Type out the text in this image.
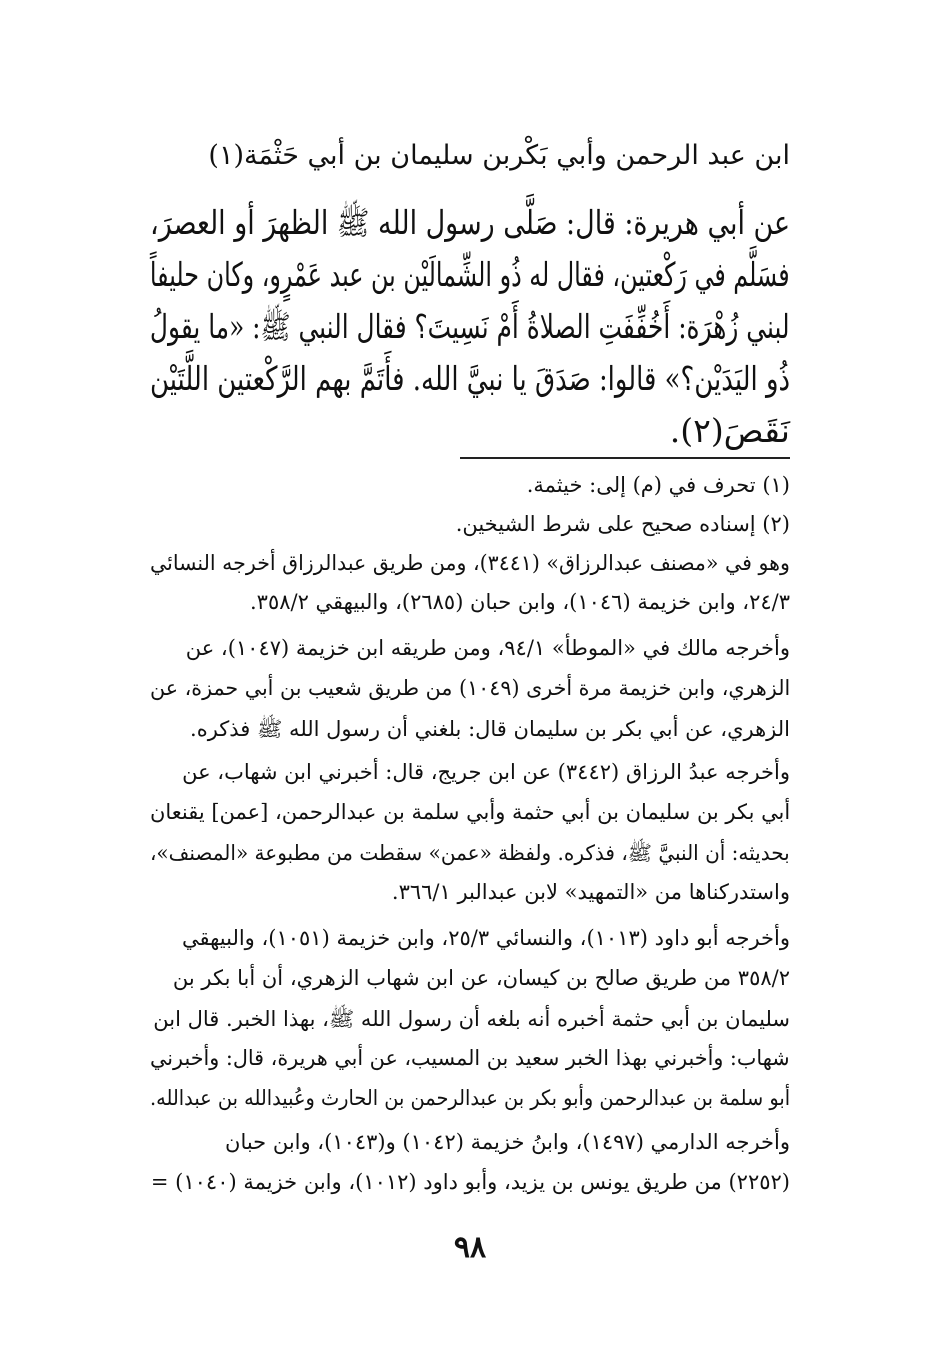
ابن عبد الرحمن وأبي بَكْربن سليمان بن أبي حَثْمَة(١)
عن أبي هريرة: قال: صَلَّى رسول الله ﷺ الظهرَ أو العصرَ،
فسَلَّم في رَكْعتين، فقال له ذُو الشِّمالَيْن بن عبد عَمْرٍو، وكان حليفاً
لبني زُهْرَة: أَخُفِّفَتِ الصلاةُ أَمْ نَسِيتَ؟ فقال النبي ﷺ: «ما يقولُ
ذُو اليَدَيْن؟» قالوا: صَدَقَ يا نبيَّ الله. فأَتَمَّ بهم الرَّكْعتين اللَّتَيْن
نَقَصَ(٢).
(١) تحرف في (م) إلى: خيثمة.
(٢) إسناده صحيح على شرط الشيخين.
وهو في «مصنف عبدالرزاق» (٣٤٤١)، ومن طريق عبدالرزاق أخرجه النسائي
٢٤/٣، وابن خزيمة (١٠٤٦)، وابن حبان (٢٦٨٥)، والبيهقي ٣٥٨/٢.
وأخرجه مالك في «الموطأ» ٩٤/١، ومن طريقه ابن خزيمة (١٠٤٧)، عن
الزهري، وابن خزيمة مرة أخرى (١٠٤٩) من طريق شعيب بن أبي حمزة، عن
الزهري، عن أبي بكر بن سليمان قال: بلغني أن رسول الله ﷺ فذكره.
وأخرجه عبدُ الرزاق (٣٤٤٢) عن ابن جريج، قال: أخبرني ابن شهاب، عن
أبي بكر بن سليمان بن أبي حثمة وأبي سلمة بن عبدالرحمن، [عمن] يقنعان
بحديثه: أن النبيَّ ﷺ، فذكره. ولفظة «عمن» سقطت من مطبوعة «المصنف»،
واستدركناها من «التمهيد» لابن عبدالبر ٣٦٦/١.
وأخرجه أبو داود (١٠١٣)، والنسائي ٢٥/٣، وابن خزيمة (١٠٥١)، والبيهقي
٣٥٨/٢ من طريق صالح بن كيسان، عن ابن شهاب الزهري، أن أبا بكر بن
سليمان بن أبي حثمة أخبره أنه بلغه أن رسول الله ﷺ، بهذا الخبر. قال ابن
شهاب: وأخبرني بهذا الخبر سعيد بن المسيب، عن أبي هريرة، قال: وأخبرني
أبو سلمة بن عبدالرحمن وأبو بكر بن عبدالرحمن بن الحارث وعُبيدالله بن عبدالله.
وأخرجه الدارمي (١٤٩٧)، وابنُ خزيمة (١٠٤٢) و(١٠٤٣)، وابن حبان
(٢٢٥٢) من طريق يونس بن يزيد، وأبو داود (١٠١٢)، وابن خزيمة (١٠٤٠) =
٩٨
